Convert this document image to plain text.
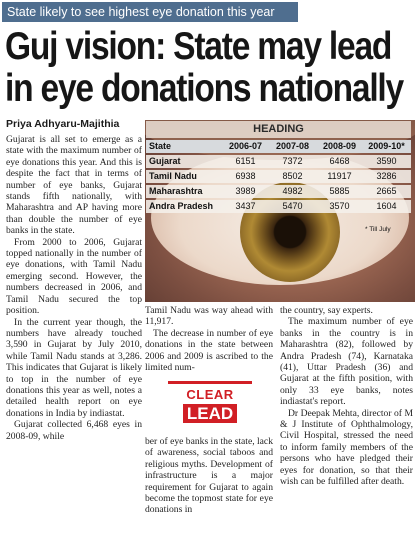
State likely to see highest eye donation this year
Guj vision: State may lead
in eye donations nationally
Priya Adhyaru-Majithia

Gujarat is all set to emerge as a state with the maximum number of eye donations this year. And this is despite the fact that in terms of number of eye banks, Gujarat stands fifth nationally, with Maharashtra and AP having more than double the number of eye banks in the state.

From 2000 to 2006, Gujarat topped nationally in the number of eye donations, with Tamil Nadu emerging second. However, the numbers decreased in 2006, and Tamil Nadu secured the top position.

In the current year though, the numbers have already touched 3,590 in Gujarat by July 2010, while Tamil Nadu stands at 3,286. This indicates that Gujarat is likely to top in the number of eye donations this year as well, notes a detailed health report on eye donations in India by indiastat.

Gujarat collected 6,468 eyes in 2008-09, while

HEADING
State	2006-07	2007-08	2008-09	2009-10*
Gujarat	6151	7372	6468	3590
Tamil Nadu	6938	8502	11917	3286
Maharashtra	3989	4982	5885	2665
Andra Pradesh	3437	5470	3570	1604
* Till July

Tamil Nadu was way ahead with 11,917.

The decrease in number of eye donations in the state between 2006 and 2009 is ascribed to the limited num-

CLEAR
LEAD

ber of eye banks in the state, lack of awareness, social taboos and religious myths. Development of infrastructure is a major requirement for Gujarat to again become the topmost state for eye donations in

the country, say experts.

The maximum number of eye banks in the country is in Maharashtra (82), followed by Andra Pradesh (74), Karnataka (41), Uttar Pradesh (36) and Gujarat at the fifth position, with only 33 eye banks, notes indiastat's report.

Dr Deepak Mehta, director of M & J Institute of Ophthalmology, Civil Hospital, stressed the need to inform family members of the persons who have pledged their eyes for donation, so that their wish can be fulfilled after death.
